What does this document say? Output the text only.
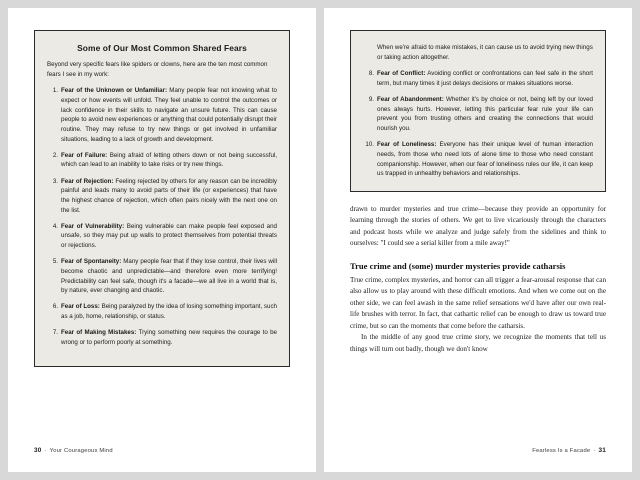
Some of Our Most Common Shared Fears

Beyond very specific fears like spiders or clowns, here are the ten most common fears I see in my work:

Fear of the Unknown or Unfamiliar: Many people fear not knowing what to expect or how events will unfold. They feel unable to control the outcomes or lack confidence in their skills to navigate an unsure future. This can cause people to avoid new experiences or anything that could potentially disrupt their routine. They may refuse to try new things or get involved in unfamiliar situations, leading to a lack of growth and development.
Fear of Failure: Being afraid of letting others down or not being successful, which can lead to an inability to take risks or try new things.
Fear of Rejection: Feeling rejected by others for any reason can be incredibly painful and leads many to avoid parts of their life (or experiences) that have the highest chance of rejection, which often pairs nicely with the next one on the list.
Fear of Vulnerability: Being vulnerable can make people feel exposed and unsafe, so they may put up walls to protect themselves from potential threats or rejections.
Fear of Spontaneity: Many people fear that if they lose control, their lives will become chaotic and unpredictable—and therefore even more terrifying! Predictability can feel safe, though it's a facade—we all live in a world that is, by nature, ever changing and chaotic.
Fear of Loss: Being paralyzed by the idea of losing something important, such as a job, home, relationship, or status.
Fear of Making Mistakes: Trying something new requires the courage to be wrong or to perform poorly at something.
30 · Your Courageous Mind

When we're afraid to make mistakes, it can cause us to avoid trying new things or taking action altogether.

Fear of Conflict: Avoiding conflict or confrontations can feel safe in the short term, but many times it just delays decisions or makes situations worse.
Fear of Abandonment: Whether it's by choice or not, being left by our loved ones always hurts. However, letting this particular fear rule your life can prevent you from trusting others and creating the connections that would nourish you.
Fear of Loneliness: Everyone has their unique level of human interaction needs, from those who need lots of alone time to those who need constant companionship. However, when our fear of loneliness rules our life, it can keep us trapped in unhealthy behaviors and relationships.

drawn to murder mysteries and true crime—because they provide an opportunity for learning through the stories of others. We get to live vicariously through the characters and podcast hosts while we analyze and judge safely from the sidelines and think to ourselves: "I could see a serial killer from a mile away!"

True crime and (some) murder mysteries provide catharsis

True crime, complex mysteries, and horror can all trigger a fear-arousal response that can also allow us to play around with these difficult emotions. And when we come out on the other side, we can feel awash in the same relief sensations we'd have after our own real-life brushes with terror. In fact, that cathartic relief can be enough to draw us toward true crime, but so can the moments that come before the catharsis.

In the middle of any good true crime story, we recognize the moments that tell us things will turn out badly, though we don't know

Fearless Is a Facade · 31
